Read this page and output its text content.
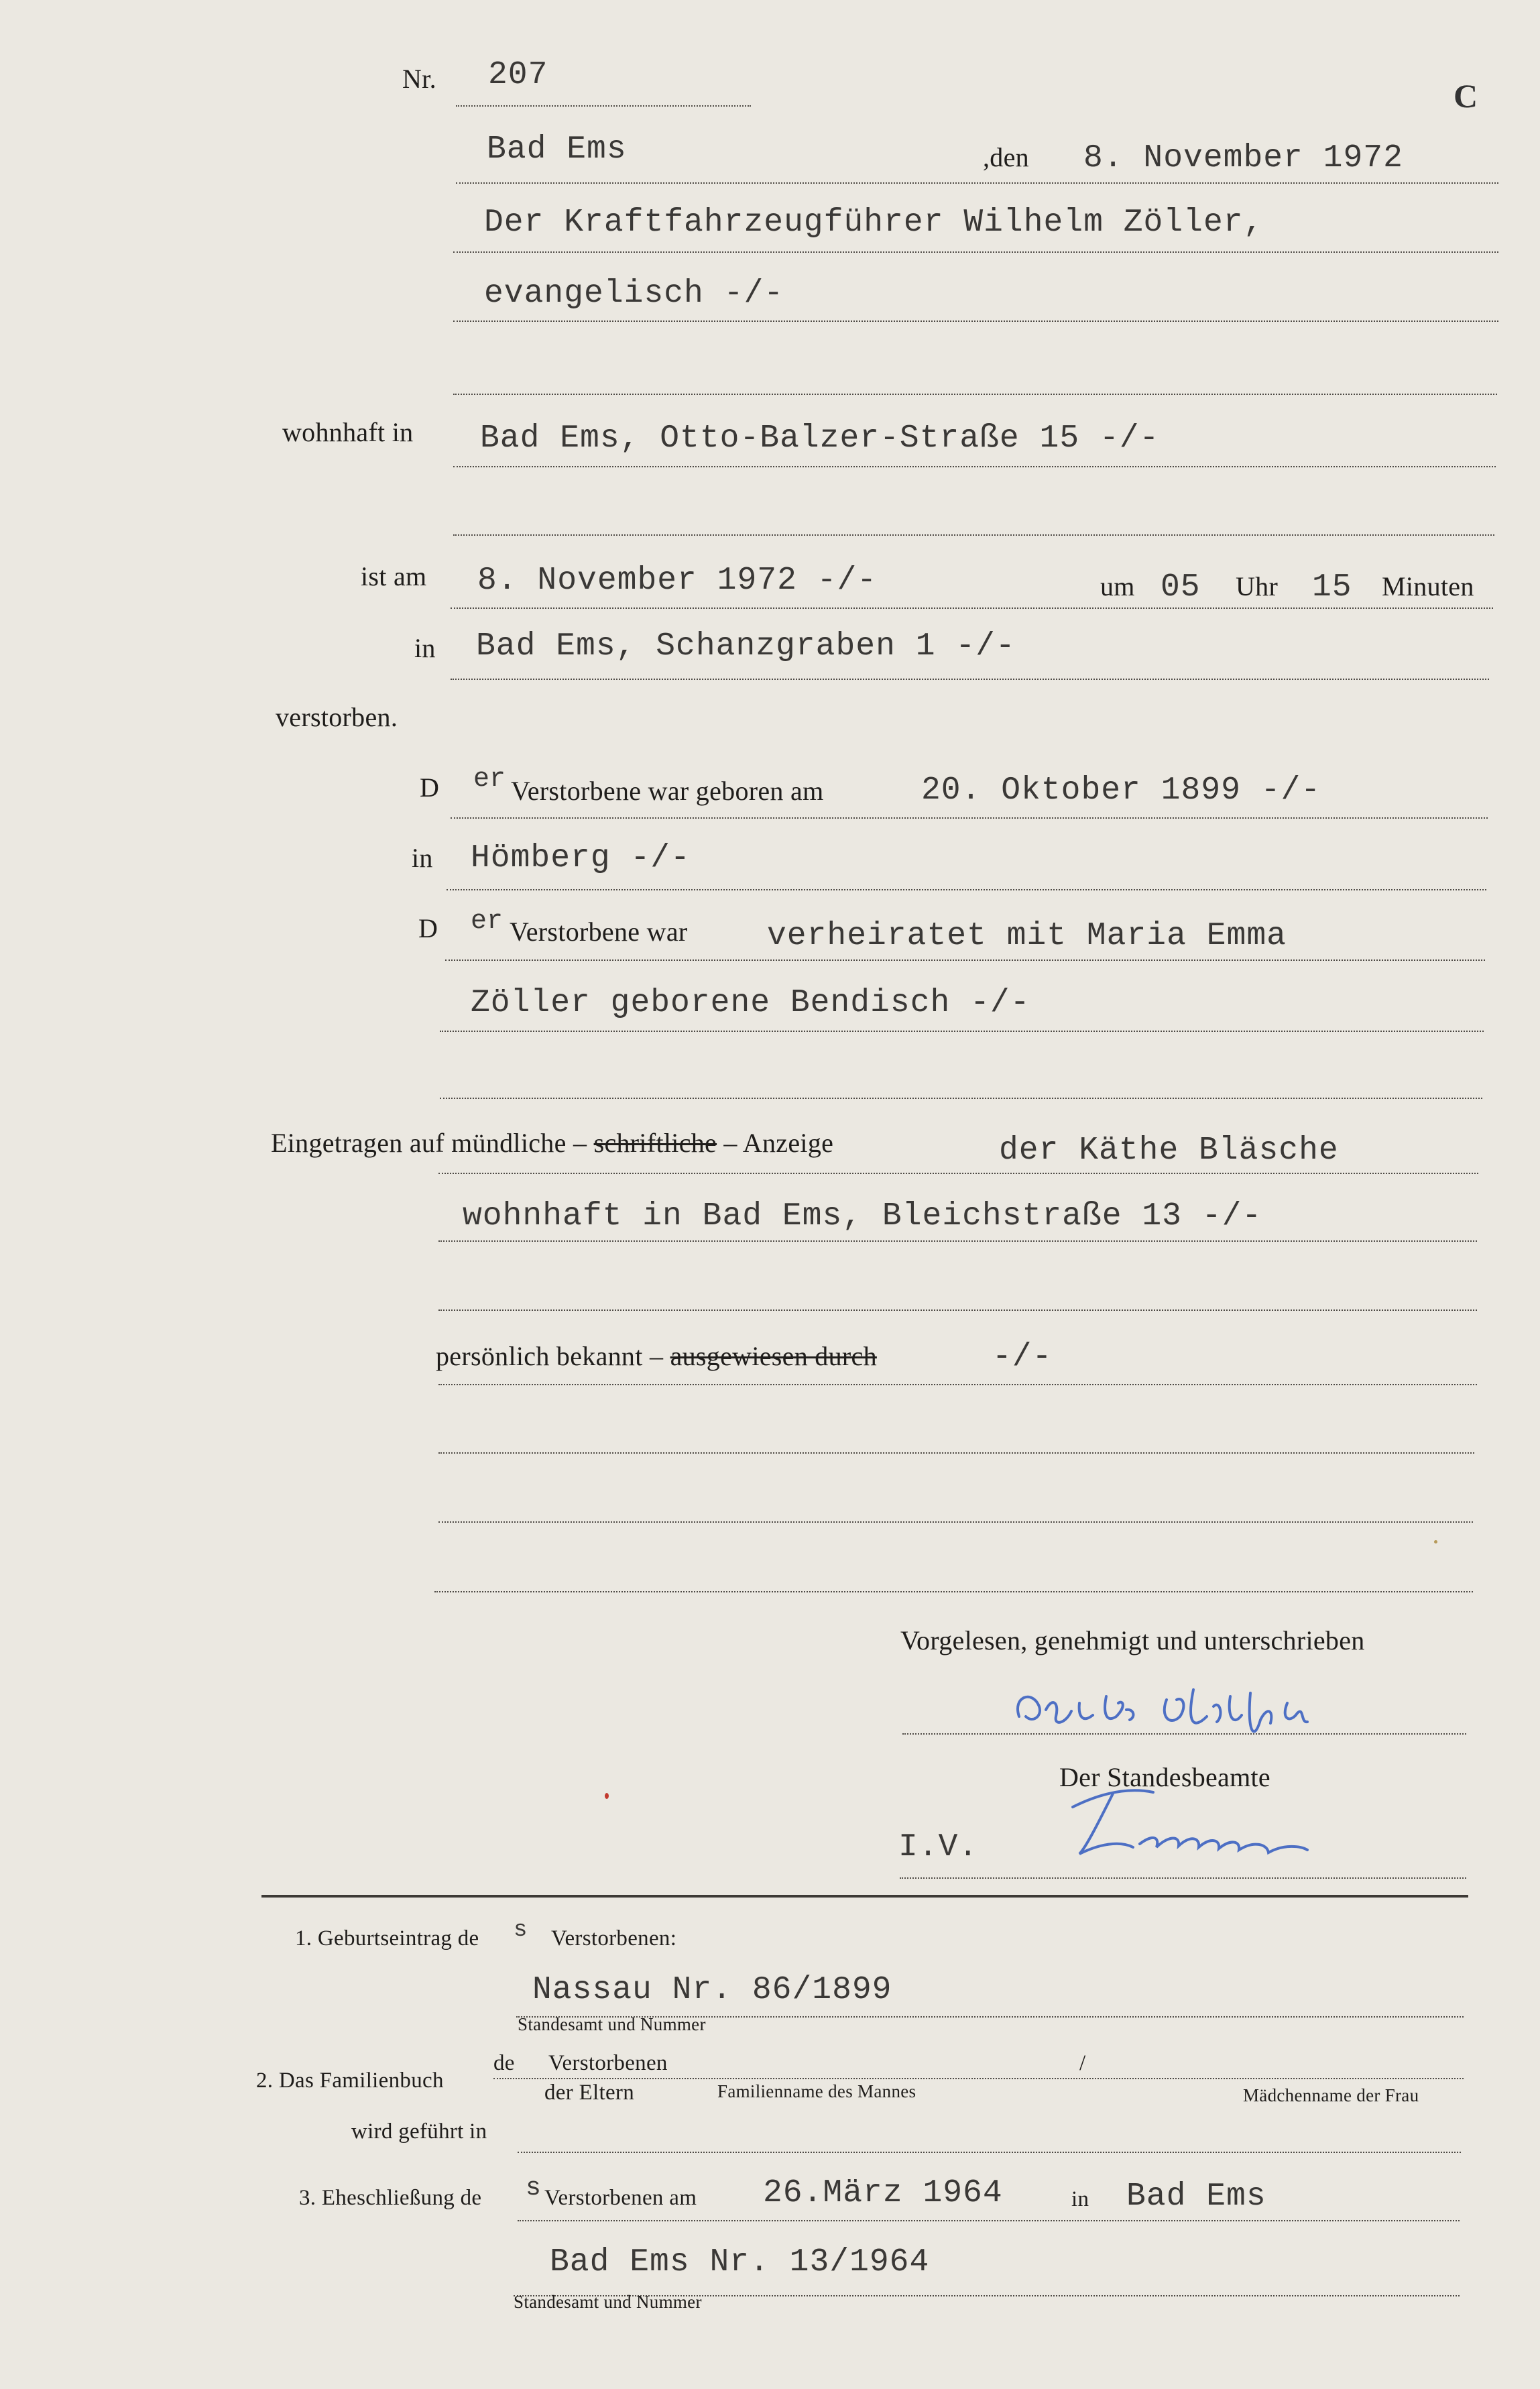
Nr. 207
C
Bad Ems	,den 8. November 1972
Der Kraftfahrzeugführer Wilhelm Zöller,
evangelisch -/-
wohnhaft in Bad Ems, Otto-Balzer-Straße 15 -/-
ist am 8. November 1972 -/-	um 05 Uhr 15 Minuten
in Bad Ems, Schanzgraben 1 -/-
verstorben.
D er Verstorbene war geboren am	20. Oktober 1899 -/-
in Hömberg -/-
D er Verstorbene war verheiratet mit Maria Emma
Zöller geborene Bendisch -/-
Eingetragen auf mündliche – schriftliche – Anzeige	der Käthe Bläsche
wohnhaft in Bad Ems, Bleichstraße 13 -/-
persönlich bekannt – ausgewiesen durch	-/-
Vorgelesen, genehmigt und unterschrieben
Der Standesbeamte
I.V.
1. Geburtseintrag de s Verstorbenen:
Nassau Nr. 86/1899
Standesamt und Nummer
2. Das Familienbuch
de Verstorbenen	/
der Eltern	Familienname des Mannes	Mädchenname der Frau
wird geführt in
3. Eheschließung de s Verstorbenen am 26.März 1964	in Bad Ems
Bad Ems Nr. 13/1964
Standesamt und Nummer
